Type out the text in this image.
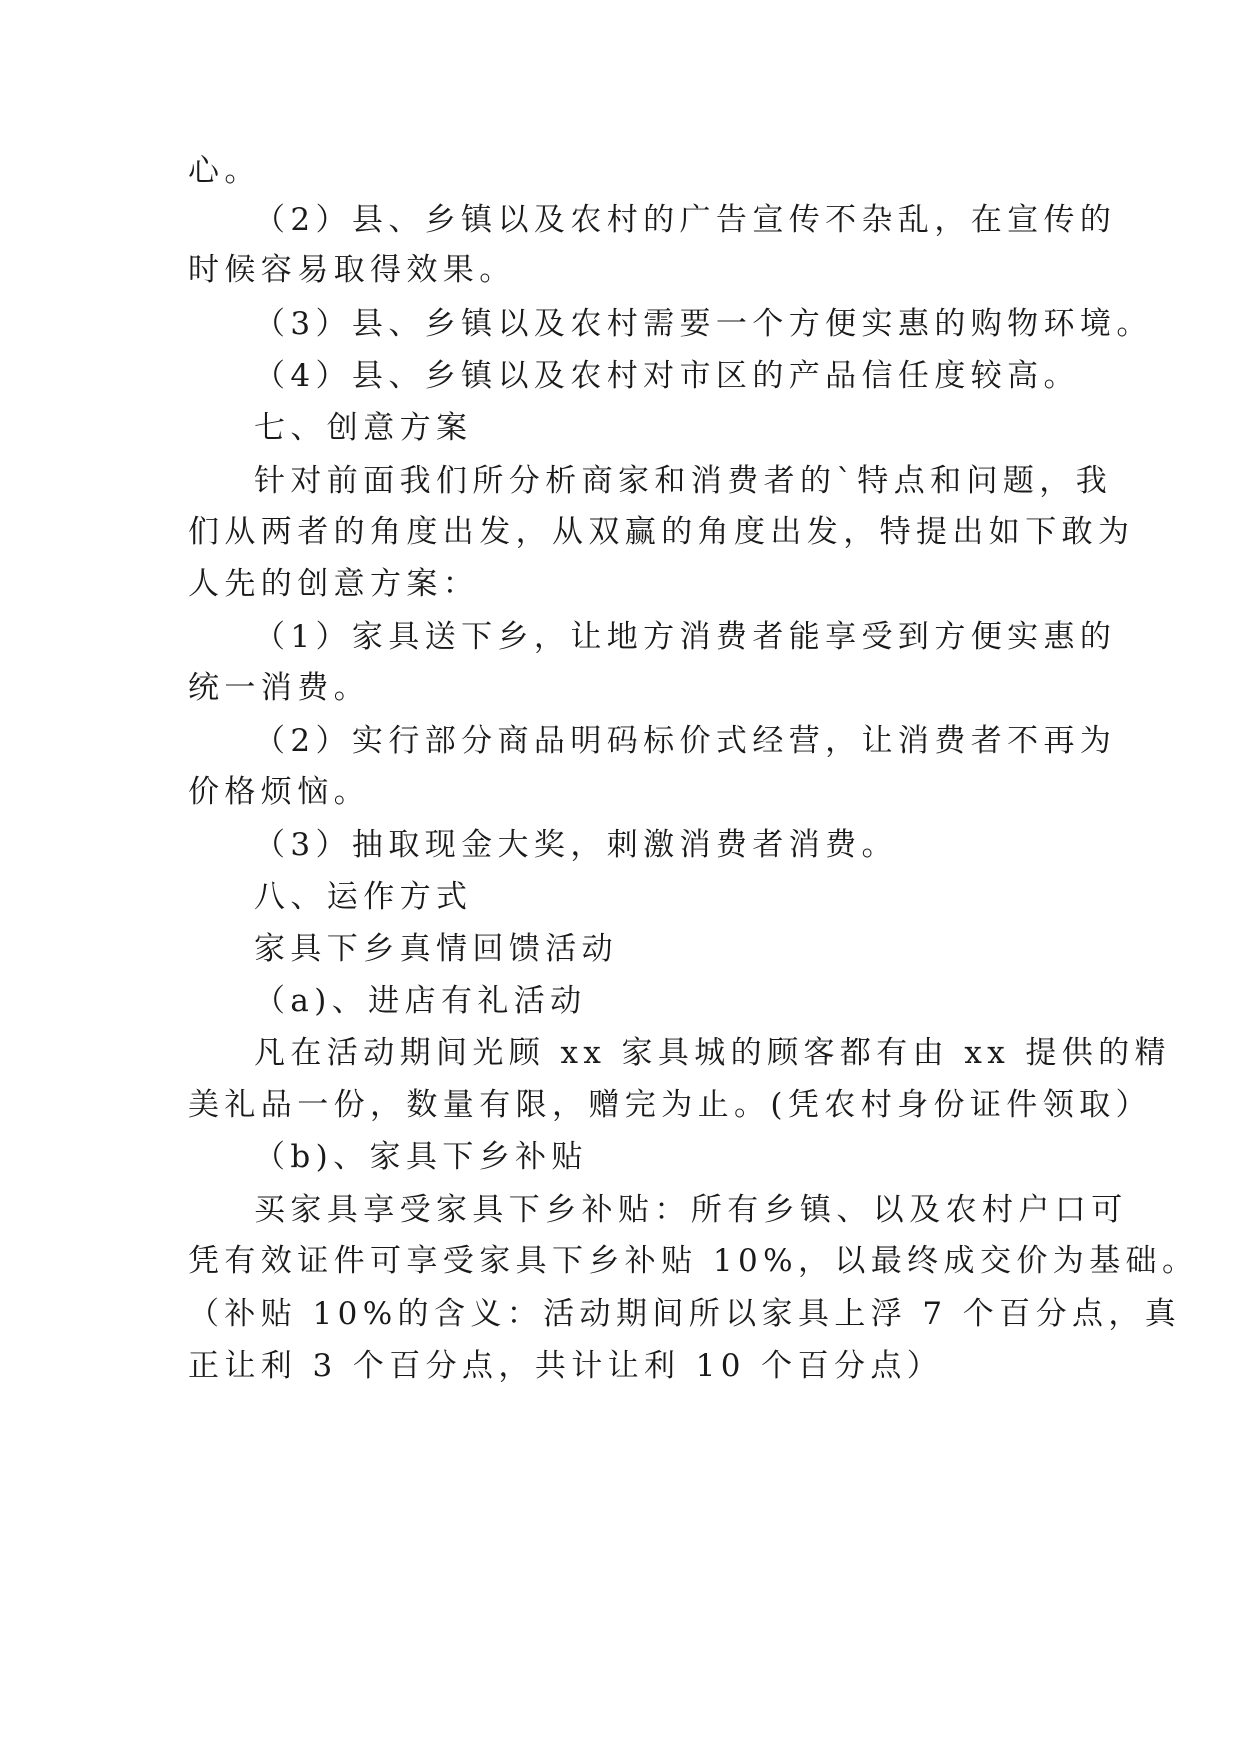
心。
（2）县、乡镇以及农村的广告宣传不杂乱，在宣传的
时候容易取得效果。
（3）县、乡镇以及农村需要一个方便实惠的购物环境。
（4）县、乡镇以及农村对市区的产品信任度较高。
七、创意方案
针对前面我们所分析商家和消费者的`特点和问题，我
们从两者的角度出发，从双赢的角度出发，特提出如下敢为
人先的创意方案：
（1）家具送下乡，让地方消费者能享受到方便实惠的
统一消费。
（2）实行部分商品明码标价式经营，让消费者不再为
价格烦恼。
（3）抽取现金大奖，刺激消费者消费。
八、运作方式
家具下乡真情回馈活动
（a)、进店有礼活动
凡在活动期间光顾 xx 家具城的顾客都有由 xx 提供的精
美礼品一份，数量有限，赠完为止。(凭农村身份证件领取）
（b)、家具下乡补贴
买家具享受家具下乡补贴：所有乡镇、以及农村户口可
凭有效证件可享受家具下乡补贴 10%，以最终成交价为基础。
（补贴 10%的含义：活动期间所以家具上浮 7 个百分点，真
正让利 3 个百分点，共计让利 10 个百分点）
